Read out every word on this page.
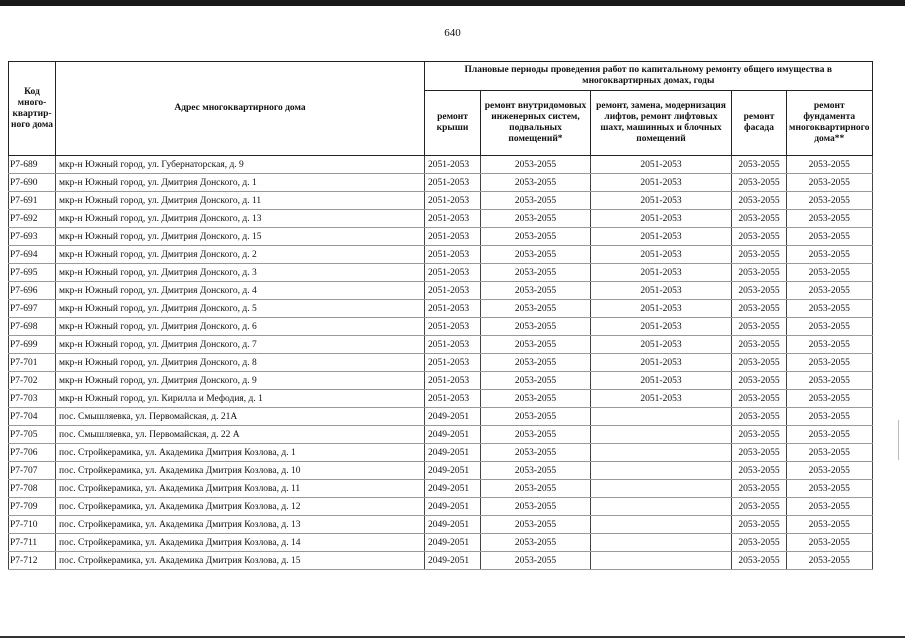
640
Код много-квартир-ного дома	Адрес многоквартирного дома	Плановые периоды проведения работ по капитальному ремонту общего имущества в многоквартирных домах, годы				
		ремонт крыши	ремонт внутридомовых инженерных систем, подвальных помещений*	ремонт, замена, модернизация лифтов, ремонт лифтовых шахт, машинных и блочных помещений	ремонт фасада	ремонт фундамента многоквартирного дома**
P7-689	мкр-н Южный город, ул. Губернаторская, д. 9	2051-2053	2053-2055	2051-2053	2053-2055	2053-2055
P7-690	мкр-н Южный город, ул. Дмитрия Донского, д. 1	2051-2053	2053-2055	2051-2053	2053-2055	2053-2055
P7-691	мкр-н Южный город, ул. Дмитрия Донского, д. 11	2051-2053	2053-2055	2051-2053	2053-2055	2053-2055
P7-692	мкр-н Южный город, ул. Дмитрия Донского, д. 13	2051-2053	2053-2055	2051-2053	2053-2055	2053-2055
P7-693	мкр-н Южный город, ул. Дмитрия Донского, д. 15	2051-2053	2053-2055	2051-2053	2053-2055	2053-2055
P7-694	мкр-н Южный город, ул. Дмитрия Донского, д. 2	2051-2053	2053-2055	2051-2053	2053-2055	2053-2055
P7-695	мкр-н Южный город, ул. Дмитрия Донского, д. 3	2051-2053	2053-2055	2051-2053	2053-2055	2053-2055
P7-696	мкр-н Южный город, ул. Дмитрия Донского, д. 4	2051-2053	2053-2055	2051-2053	2053-2055	2053-2055
P7-697	мкр-н Южный город, ул. Дмитрия Донского, д. 5	2051-2053	2053-2055	2051-2053	2053-2055	2053-2055
P7-698	мкр-н Южный город, ул. Дмитрия Донского, д. 6	2051-2053	2053-2055	2051-2053	2053-2055	2053-2055
P7-699	мкр-н Южный город, ул. Дмитрия Донского, д. 7	2051-2053	2053-2055	2051-2053	2053-2055	2053-2055
P7-701	мкр-н Южный город, ул. Дмитрия Донского, д. 8	2051-2053	2053-2055	2051-2053	2053-2055	2053-2055
P7-702	мкр-н Южный город, ул. Дмитрия Донского, д. 9	2051-2053	2053-2055	2051-2053	2053-2055	2053-2055
P7-703	мкр-н Южный город, ул. Кирилла и Мефодия, д. 1	2051-2053	2053-2055	2051-2053	2053-2055	2053-2055
P7-704	пос. Смышляевка, ул. Первомайская, д. 21А	2049-2051	2053-2055		2053-2055	2053-2055
P7-705	пос. Смышляевка, ул. Первомайская, д. 22 А	2049-2051	2053-2055		2053-2055	2053-2055
P7-706	пос. Стройкерамика, ул. Академика Дмитрия Козлова, д. 1	2049-2051	2053-2055		2053-2055	2053-2055
P7-707	пос. Стройкерамика, ул. Академика Дмитрия Козлова, д. 10	2049-2051	2053-2055		2053-2055	2053-2055
P7-708	пос. Стройкерамика, ул. Академика Дмитрия Козлова, д. 11	2049-2051	2053-2055		2053-2055	2053-2055
P7-709	пос. Стройкерамика, ул. Академика Дмитрия Козлова, д. 12	2049-2051	2053-2055		2053-2055	2053-2055
P7-710	пос. Стройкерамика, ул. Академика Дмитрия Козлова, д. 13	2049-2051	2053-2055		2053-2055	2053-2055
P7-711	пос. Стройкерамика, ул. Академика Дмитрия Козлова, д. 14	2049-2051	2053-2055		2053-2055	2053-2055
P7-712	пос. Стройкерамика, ул. Академика Дмитрия Козлова, д. 15	2049-2051	2053-2055		2053-2055	2053-2055
